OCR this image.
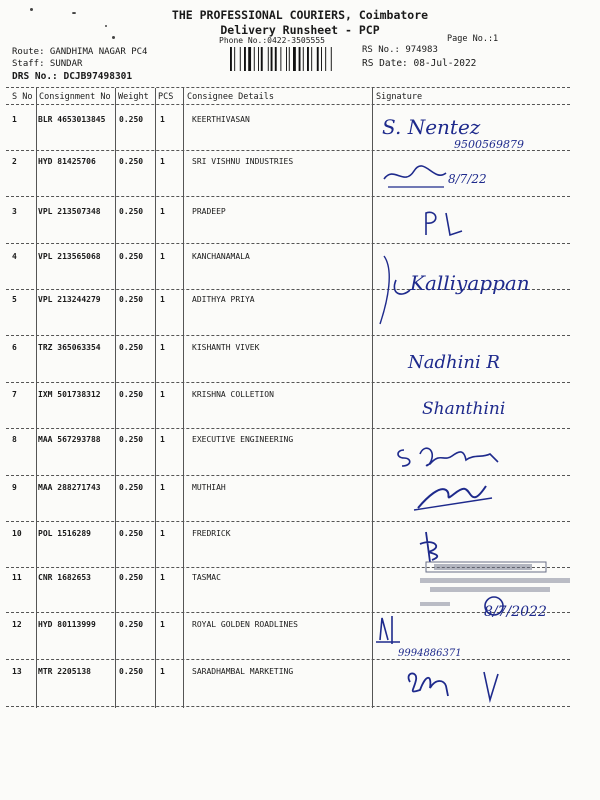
THE PROFESSIONAL COURIERS, Coimbatore
Delivery Runsheet - PCP
Phone No.:0422-3505555	Page No.:1
Route: GANDHIMA NAGAR PC4
Staff: SUNDAR
DRS No.: DCJB97498301
RS No.: 974983
RS Date: 08-Jul-2022
S No Consignment No Weight PCS Consignee Details	Signature
1	BLR 4653013845 0.250 1	KEERTHIVASAN
2	HYD 81425706	0.250 1	SRI VISHNU INDUSTRIES
3	VPL 213507348 0.250 1	PRADEEP
4	VPL 213565068 0.250 1	KANCHANAMALA
5	VPL 213244279 0.250 1	ADITHYA PRIYA
6	TRZ 365063354 0.250 1	KISHANTH VIVEK
7	IXM 501738312 0.250 1	KRISHNA COLLETION
8	MAA 567293788 0.250 1	EXECUTIVE ENGINEERING
9	MAA 288271743 0.250 1	MUTHIAH
10 POL 1516289	0.250 1	FREDRICK
11 CNR 1682653	0.250 1	TASMAC
12 HYD 80113999	0.250 1	ROYAL GOLDEN ROADLINES
13 MTR 2205138	0.250 1	SARADHAMBAL MARKETING
S. Nentez
9500569879
8/7/22
Kalliyappan
Nadhini R
Shanthini
9994886371
8/7/2022
